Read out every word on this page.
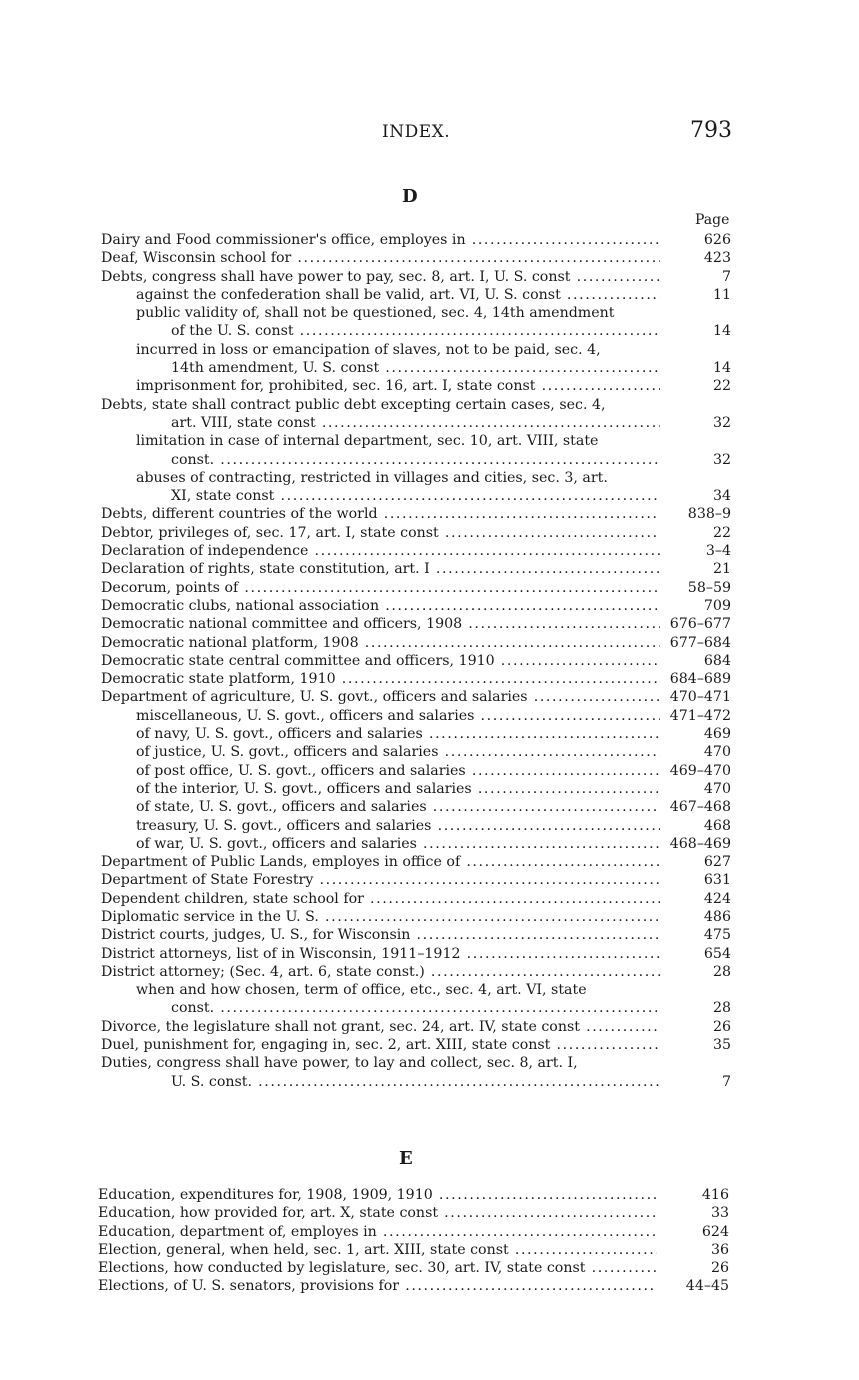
INDEX.	793
D
Page
Dairy and Food commissioner's office, employes in .....	626
Deaf, Wisconsin school for .....	423
Debts, congress shall have power to pay, sec. 8, art. I, U. S. const .....	7
against the confederation shall be valid, art. VI, U. S. const .....	11
public validity of, shall not be questioned, sec. 4, 14th amendment
of the U. S. const .....	14
incurred in loss or emancipation of slaves, not to be paid, sec. 4,
14th amendment, U. S. const .....	14
imprisonment for, prohibited, sec. 16, art. I, state const .....	22
Debts, state shall contract public debt excepting certain cases, sec. 4,
art. VIII, state const .....	32
limitation in case of internal department, sec. 10, art. VIII, state
const. .....	32
abuses of contracting, restricted in villages and cities, sec. 3, art.
XI, state const .....	34
Debts, different countries of the world .....	838–9
Debtor, privileges of, sec. 17, art. I, state const .....	22
Declaration of independence .....	3–4
Declaration of rights, state constitution, art. I .....	21
Decorum, points of .....	58–59
Democratic clubs, national association .....	709
Democratic national committee and officers, 1908 .....	676–677
Democratic national platform, 1908 .....	677–684
Democratic state central committee and officers, 1910 .....	684
Democratic state platform, 1910 .....	684–689
Department of agriculture, U. S. govt., officers and salaries .....	470–471
miscellaneous, U. S. govt., officers and salaries .....	471–472
of navy, U. S. govt., officers and salaries .....	469
of justice, U. S. govt., officers and salaries .....	470
of post office, U. S. govt., officers and salaries .....	469–470
of the interior, U. S. govt., officers and salaries .....	470
of state, U. S. govt., officers and salaries .....	467–468
treasury, U. S. govt., officers and salaries .....	468
of war, U. S. govt., officers and salaries .....	468–469
Department of Public Lands, employes in office of .....	627
Department of State Forestry .....	631
Dependent children, state school for .....	424
Diplomatic service in the U. S. .....	486
District courts, judges, U. S., for Wisconsin .....	475
District attorneys, list of in Wisconsin, 1911–1912 .....	654
District attorney; (Sec. 4, art. 6, state const.) .....	28
when and how chosen, term of office, etc., sec. 4, art. VI, state
const. .....	28
Divorce, the legislature shall not grant, sec. 24, art. IV, state const .....	26
Duel, punishment for, engaging in, sec. 2, art. XIII, state const .....	35
Duties, congress shall have power, to lay and collect, sec. 8, art. I,
U. S. const. .....	7
E
Education, expenditures for, 1908, 1909, 1910 .....	416
Education, how provided for, art. X, state const .....	33
Education, department of, employes in .....	624
Election, general, when held, sec. 1, art. XIII, state const .....	36
Elections, how conducted by legislature, sec. 30, art. IV, state const .....	26
Elections, of U. S. senators, provisions for .....	44–45
